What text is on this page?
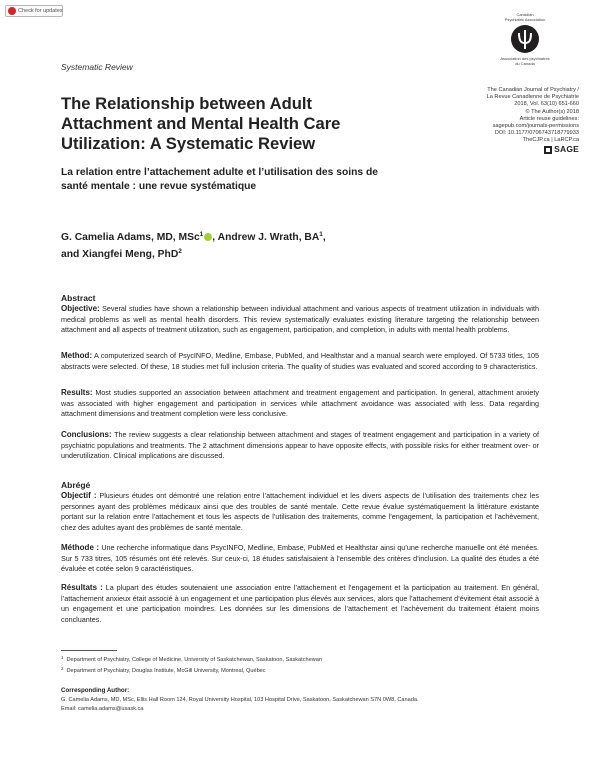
Check for updates
Canadian
Psychiatric Association
Association des psychiatres
du Canada
Systematic Review
The Canadian Journal of Psychiatry /
La Revue Canadienne de Psychiatrie
2018, Vol. 63(10) 651-660
© The Author(s) 2018
Article reuse guidelines:
sagepub.com/journals-permissions
DOI: 10.1177/0706743718779933
TheCJP.ca | LaRCP.ca
SAGE
The Relationship between Adult Attachment and Mental Health Care Utilization: A Systematic Review
La relation entre l’attachement adulte et l’utilisation des soins de santé mentale : une revue systématique
G. Camelia Adams, MD, MSc$^1$ , Andrew J. Wrath, $BA^1$,
and Xiangfei Meng, PhD$^2$
Abstract

Objective: Several studies have shown a relationship between individual attachment and various aspects of treatment utilization in individuals with medical problems as well as mental health disorders. This review systematically evaluates existing literature targeting the relationship between attachment and all aspects of treatment utilization, such as engagement, participation, and completion, in adults with mental health problems.

Method: A computerized search of PsycINFO, Medline, Embase, PubMed, and Healthstar and a manual search were employed. Of 5733 titles, 105 abstracts were selected. Of these, 18 studies met full inclusion criteria. The quality of studies was evaluated and scored according to 9 characteristics.

Results: Most studies supported an association between attachment and treatment engagement and participation. In general, attachment anxiety was associated with higher engagement and participation in services while attachment avoidance was associated with less. Data regarding attachment dimensions and treatment completion were less conclusive.

Conclusions: The review suggests a clear relationship between attachment and stages of treatment engagement and participation in a variety of psychiatric populations and treatments. The 2 attachment dimensions appear to have opposite effects, with possible risks for either treatment over- or underutilization. Clinical implications are discussed.

Abrégé

Objectif : Plusieurs études ont démontré une relation entre l’attachement individuel et les divers aspects de l’utilisation des traitements chez les personnes ayant des problèmes médicaux ainsi que des troubles de santé mentale. Cette revue évalue systématiquement la littérature existante portant sur la relation entre l’attachement et tous les aspects de l’utilisation des traitements, comme l’engagement, la participation et l’achèvement, chez des adultes ayant des problèmes de santé mentale.

Méthode : Une recherche informatique dans PsycINFO, Medline, Embase, PubMed et Healthstar ainsi qu’une recherche manuelle ont été menées. Sur 5 733 titres, 105 résumés ont été relevés. Sur ceux-ci, 18 études satisfaisaient à l’ensemble des critères d’inclusion. La qualité des études a été évaluée et cotée selon 9 caractéristiques.

Résultats : La plupart des études soutenaient une association entre l’attachement et l’engagement et la participation au traitement. En général, l’attachement anxieux était associé à un engagement et une participation plus élevés aux services, alors que l’attachement d’évitement était associé à un engagement et une participation moindres. Les données sur les dimensions de l’attachement et l’achèvement du traitement étaient moins concluantes.

$^1$ Department of Psychiatry, College of Medicine, University of Saskatchewan, Saskatoon, Saskatchewan
$^2$ Department of Psychiatry, Douglas Institute, McGill University, Montreal, Québec
Corresponding Author:
G. Camelia Adams, MD, MSc, Ellis Hall Room 124, Royal University Hospital, 103 Hospital Drive, Saskatoon, Saskatchewan S7N 0W8, Canada.
Email: camelia.adams@usask.ca
